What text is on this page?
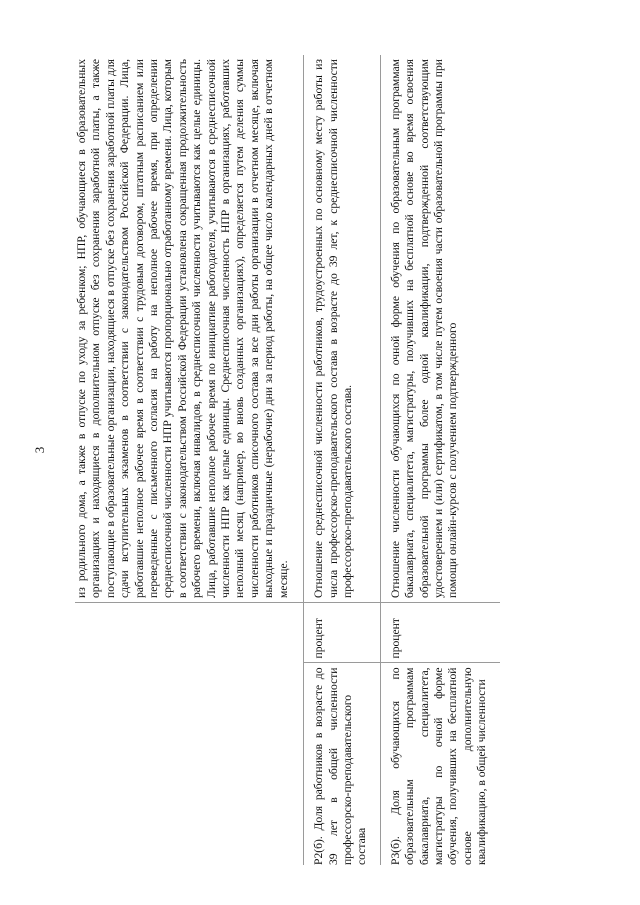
3
		из родильного дома, а также в отпуске по уходу за ребенком; НПР, обучающиеся в образовательных организациях и находящиеся в дополнительном отпуске без сохранения заработной платы, а также поступающие в образовательные организации, находящиеся в отпуске без сохранения заработной платы для сдачи вступительных экзаменов в соответствии с законодательством Российской Федерации. Лица, работавшие неполное рабочее время в соответствии с трудовым договором, штатным расписанием или переведенные с письменного согласия на работу на неполное рабочее время, при определении среднесписочной численности НПР учитываются пропорционально отработанному времени. Лица, которым в соответствии с законодательством Российской Федерации установлена сокращенная продолжительность рабочего времени, включая инвалидов, в среднесписочной численности учитываются как целые единицы. Лица, работавшие неполное рабочее время по инициативе работодателя, учитываются в среднесписочной численности НПР как целые единицы. Среднесписочная численность НПР в организациях, работавших неполный месяц (например, во вновь созданных организациях), определяется путем деления суммы численности работников списочного состава за все дни работы организации в отчетном месяце, включая выходные и праздничные (нерабочие) дни за период работы, на общее число календарных дней в отчетном месяце.
Р2(б). Доля работников в возрасте до 39 лет в общей численности профессорско-преподавательского состава	процент	Отношение среднесписочной численности работников, трудоустроенных по основному месту работы из числа профессорско-преподавательского состава в возрасте до 39 лет, к среднесписочной численности профессорско-преподавательского состава.
Р3(б). Доля обучающихся по образовательным программам бакалавриата, специалитета, магистратуры по очной форме обучения, получивших на бесплатной основе дополнительную квалификацию, в общей численности	процент	Отношение численности обучающихся по очной форме обучения по образовательным программам бакалавриата, специалитета, магистратуры, получивших на бесплатной основе во время освоения образовательной программы более одной квалификации, подтвержденной соответствующим удостоверением и (или) сертификатом, в том числе путем освоения части образовательной программы при помощи онлайн-курсов с получением подтвержденного
